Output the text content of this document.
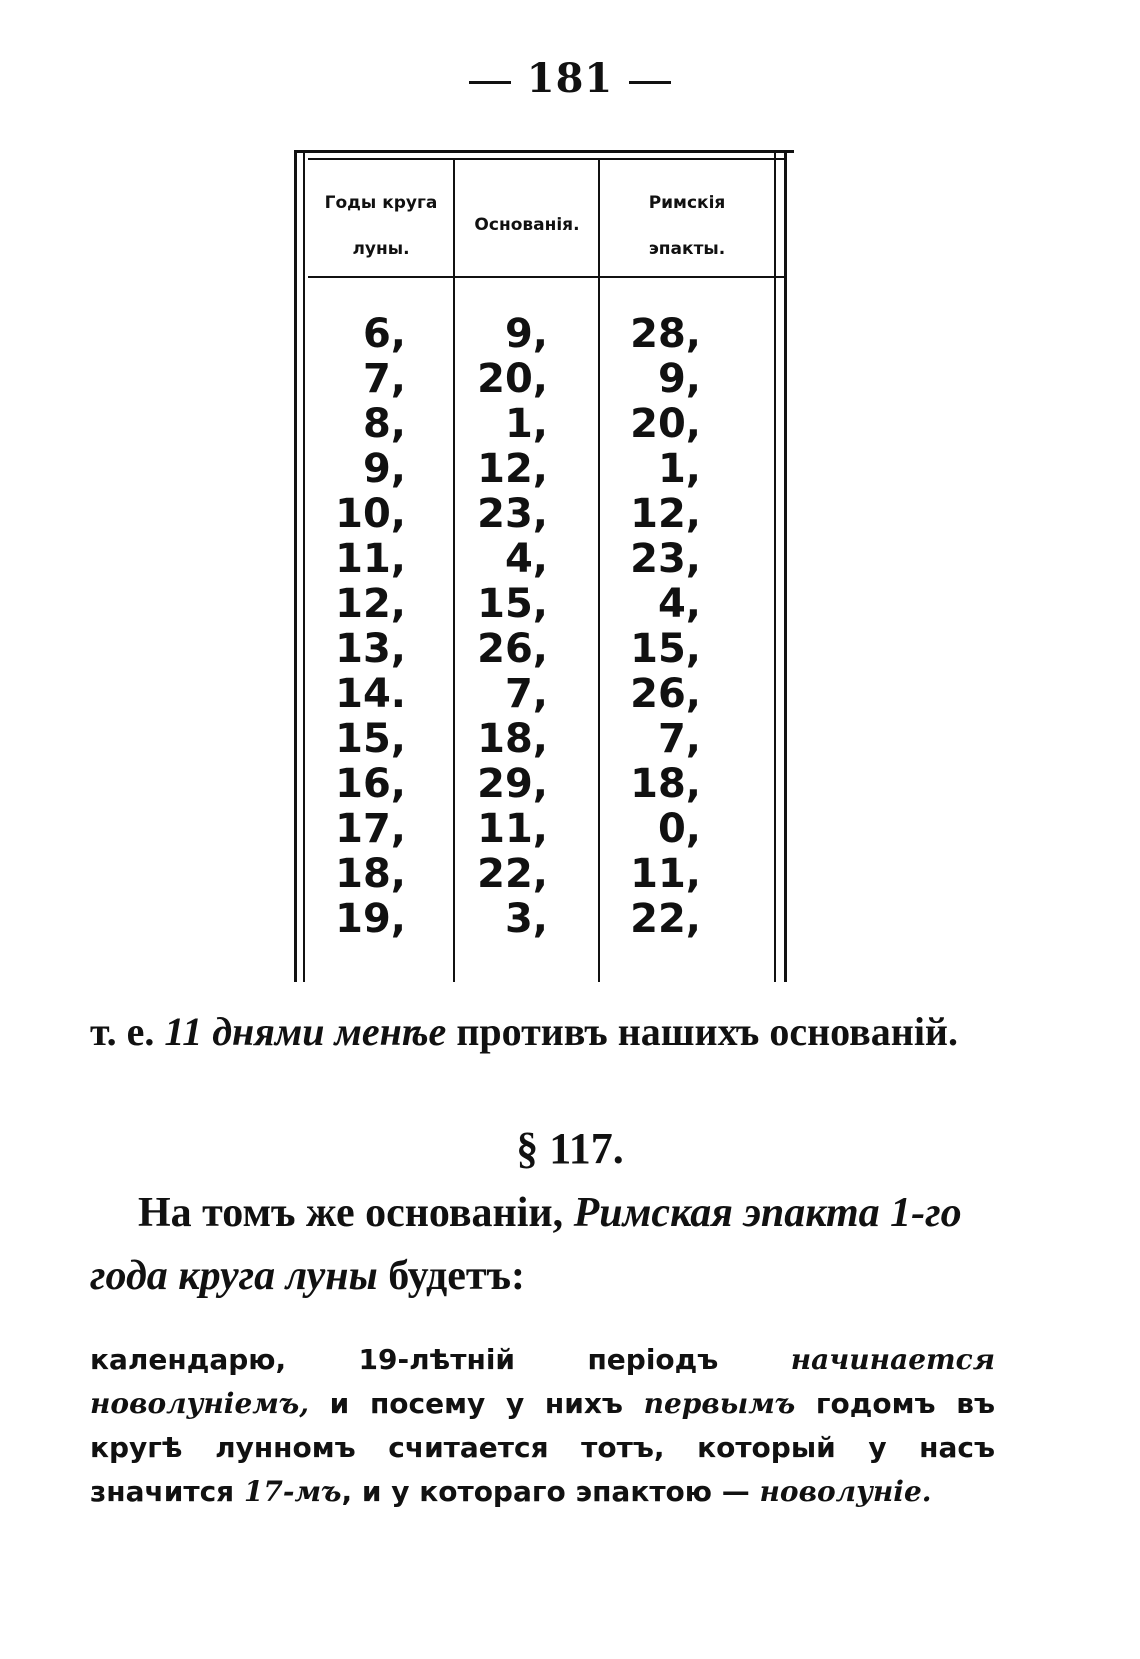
181
Годы круга
луны.
Основанія.
Римскія
эпакты.
6,
7,
8,
9,
10,
11,
12,
13,
14.
15,
16,
17,
18,
19,
9,
20,
1,
12,
23,
4,
15,
26,
7,
18,
29,
11,
22,
3,
28,
9,
20,
1,
12,
23,
4,
15,
26,
7,
18,
0,
11,
22,
т. е. 11 днями менѣе противъ нашихъ основаній.
§ 117.
На томъ же основаніи, Римская эпакта 1-го года круга луны будетъ:
календарю, 19-лѣтній періодъ начинается новолуніемъ, и посему у нихъ первымъ годомъ въ кругѣ лунномъ считается тотъ, который у насъ значится 17-мъ, и у котораго эпактою — новолуніе.
